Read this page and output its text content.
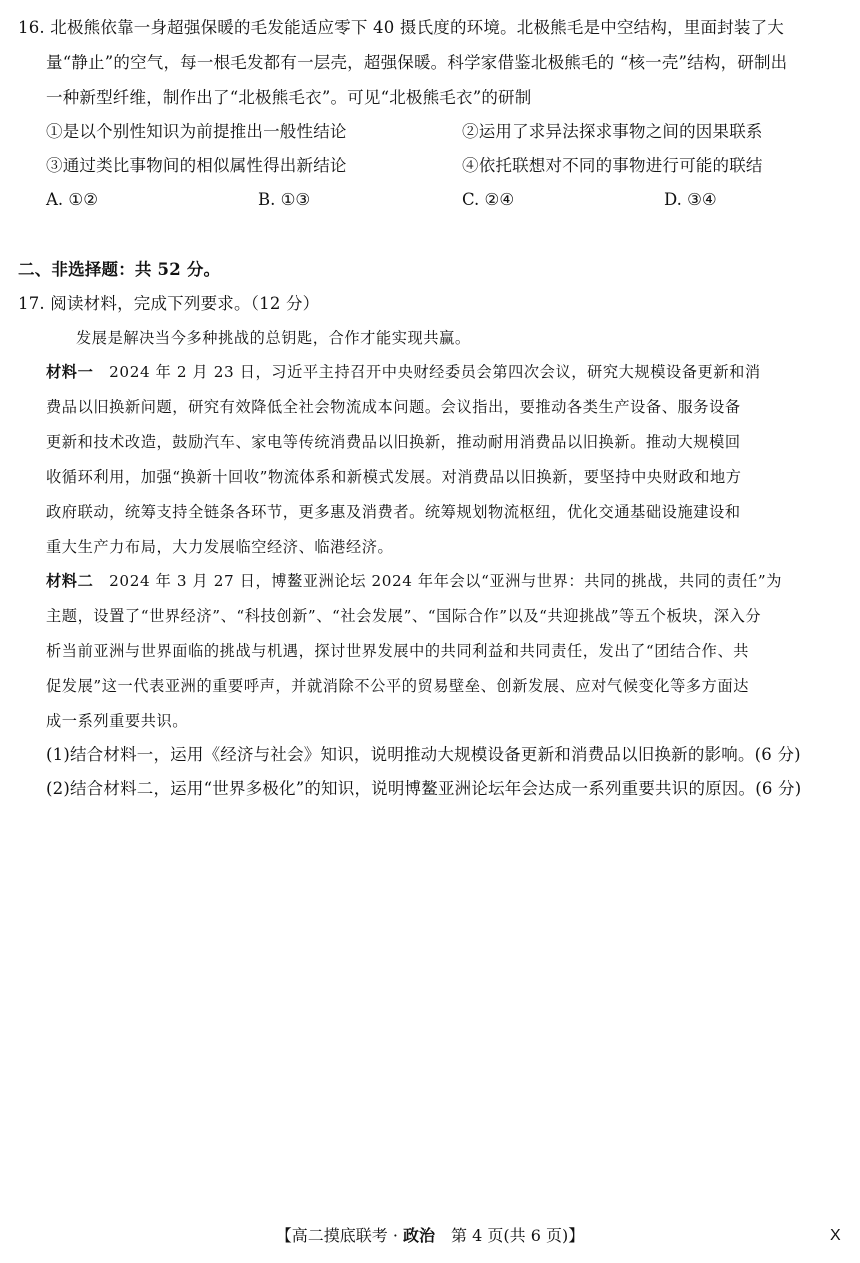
16. 北极熊依靠一身超强保暖的毛发能适应零下 40 摄氏度的环境。北极熊毛是中空结构，里面封装了大
量“静止”的空气，每一根毛发都有一层壳，超强保暖。科学家借鉴北极熊毛的 “核一壳”结构，研制出
一种新型纤维，制作出了“北极熊毛衣”。可见“北极熊毛衣”的研制
①是以个别性知识为前提推出一般性结论	②运用了求异法探求事物之间的因果联系
③通过类比事物间的相似属性得出新结论	④依托联想对不同的事物进行可能的联结
A. ①②	B. ①③	C. ②④	D. ③④
二、非选择题：共 52 分。
17. 阅读材料，完成下列要求。（12 分）
发展是解决当今多种挑战的总钥匙，合作才能实现共赢。
材料一　 2024 年 2 月 23 日，习近平主持召开中央财经委员会第四次会议，研究大规模设备更新和消
费品以旧换新问题，研究有效降低全社会物流成本问题。会议指出，要推动各类生产设备、服务设备
更新和技术改造，鼓励汽车、家电等传统消费品以旧换新，推动耐用消费品以旧换新。推动大规模回
收循环利用，加强“换新十回收”物流体系和新模式发展。对消费品以旧换新，要坚持中央财政和地方
政府联动，统筹支持全链条各环节，更多惠及消费者。统筹规划物流枢纽，优化交通基础设施建设和
重大生产力布局，大力发展临空经济、临港经济。
材料二　 2024 年 3 月 27 日，博鳌亚洲论坛 2024 年年会以“亚洲与世界：共同的挑战，共同的责任”为
主题，设置了“世界经济”、“科技创新”、“社会发展”、“国际合作”以及“共迎挑战”等五个板块，深入分
析当前亚洲与世界面临的挑战与机遇，探讨世界发展中的共同利益和共同责任，发出了“团结合作、共
促发展”这一代表亚洲的重要呼声，并就消除不公平的贸易壁垒、创新发展、应对气候变化等多方面达
成一系列重要共识。
(1)结合材料一，运用《经济与社会》知识，说明推动大规模设备更新和消费品以旧换新的影响。(6 分)
(2)结合材料二，运用“世界多极化”的知识，说明博鳌亚洲论坛年会达成一系列重要共识的原因。(6 分)
【高二摸底联考 · 政治　第 4 页(共 6 页)】	X
